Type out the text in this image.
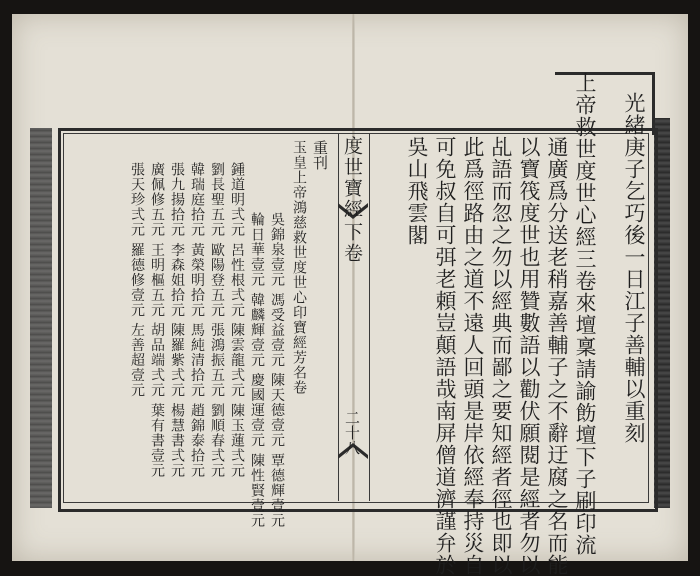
度世寶經
下卷
二十八	光緒庚子乞巧後一日江子善輔以重刻
上帝救世度世心經三卷來壇稟請諭飭壇下子刷印流
通廣爲分送老稍嘉善輔子之不辭迂腐之名而能
以寶筏度世也用贊數語以勸伏願閱是經者勿以
乩語而忽之勿以經典而鄙之要知經者徑也即以
此爲徑路由之道不遠人回頭是岸依經奉持災自
可免叔自可弭老頼豈顛語哉南屏僧道濟謹弁於
吳山飛雲閣
重刊
玉皇上帝鴻慈救世度世心印寶經芳名卷
吳錦泉壹元 馮受益壹元 陳天德壹元 覃德輝壹元
輪日華壹元 韓麟輝壹元 慶國運壹元 陳性賢壹元
鍾道明弍元 呂性根弍元 陳雲龍弍元 陳玉蓮弍元
劉長聖五元 歐陽登五元 張鴻振五元 劉順春弍元
韓瑞庭拾元 黃榮明拾元 馬純清拾元 趙錦泰拾元
張九揚拾元 李森姐拾元 陳羅紫弍元 楊慧書弍元
廣佩修五元 王明樞五元 胡品端弍元 葉有書壹元
張天珍弍元 羅德修壹元 左善超壹元
